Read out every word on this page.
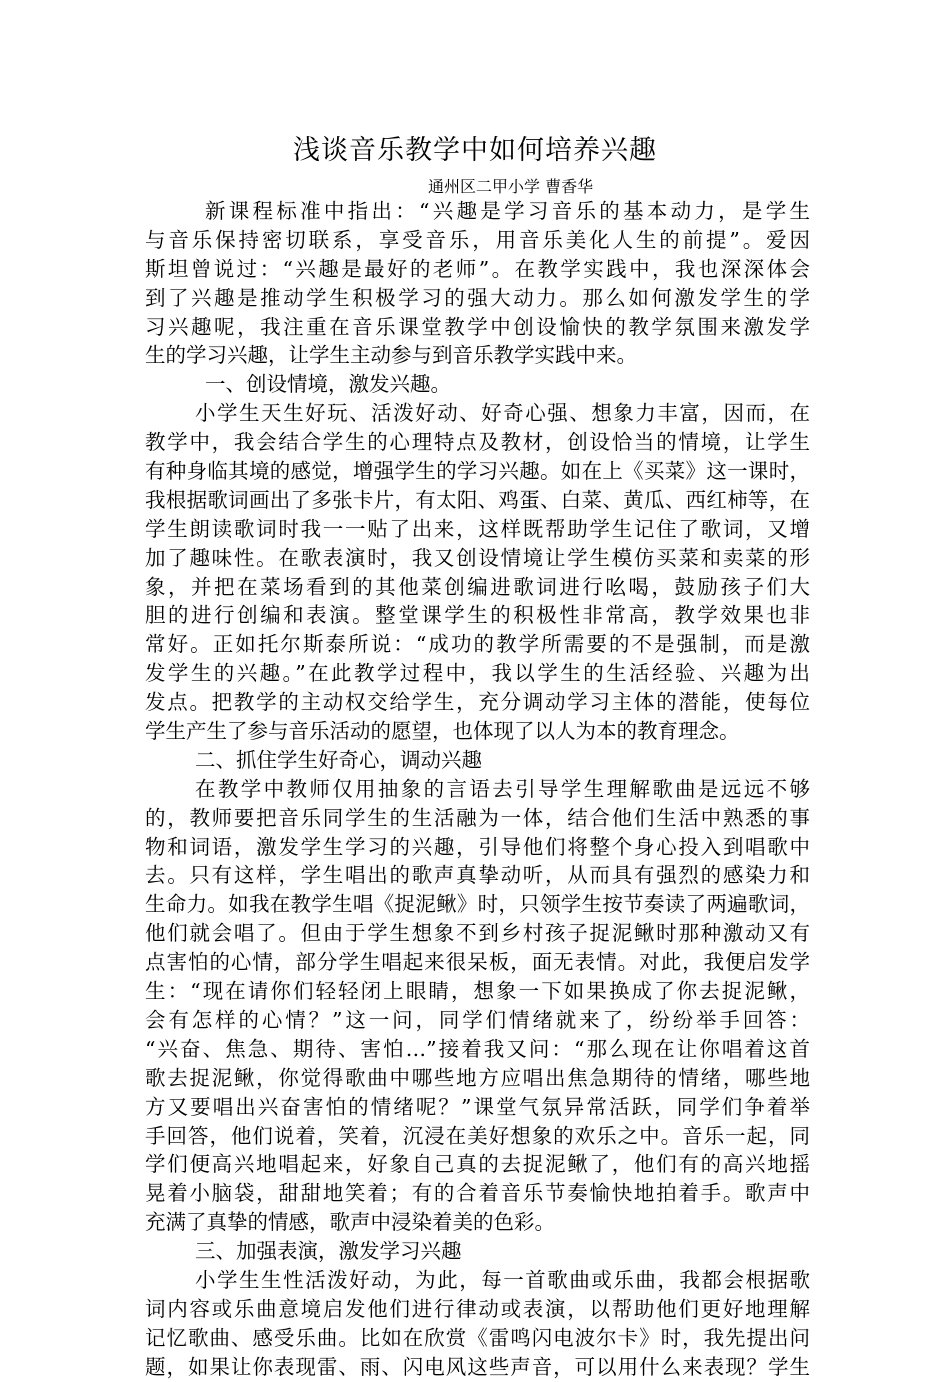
浅谈音乐教学中如何培养兴趣
通州区二甲小学 曹香华
新课程标准中指出：“兴趣是学习音乐的基本动力，是学生
与音乐保持密切联系，享受音乐，用音乐美化人生的前提”。爱因
斯坦曾说过：“兴趣是最好的老师”。在教学实践中，我也深深体会
到了兴趣是推动学生积极学习的强大动力。那么如何激发学生的学
习兴趣呢，我注重在音乐课堂教学中创设愉快的教学氛围来激发学
生的学习兴趣，让学生主动参与到音乐教学实践中来。
一、创设情境，激发兴趣。
小学生天生好玩、活泼好动、好奇心强、想象力丰富，因而，在
教学中，我会结合学生的心理特点及教材，创设恰当的情境，让学生
有种身临其境的感觉，增强学生的学习兴趣。如在上《买菜》这一课时，
我根据歌词画出了多张卡片，有太阳、鸡蛋、白菜、黄瓜、西红柿等，在
学生朗读歌词时我一一贴了出来，这样既帮助学生记住了歌词，又增
加了趣味性。在歌表演时，我又创设情境让学生模仿买菜和卖菜的形
象，并把在菜场看到的其他菜创编进歌词进行吆喝，鼓励孩子们大
胆的进行创编和表演。整堂课学生的积极性非常高，教学效果也非
常好。正如托尔斯泰所说：“成功的教学所需要的不是强制，而是激
发学生的兴趣。”在此教学过程中，我以学生的生活经验、兴趣为出
发点。把教学的主动权交给学生，充分调动学习主体的潜能，使每位
学生产生了参与音乐活动的愿望，也体现了以人为本的教育理念。
二、抓住学生好奇心，调动兴趣
在教学中教师仅用抽象的言语去引导学生理解歌曲是远远不够
的，教师要把音乐同学生的生活融为一体，结合他们生活中熟悉的事
物和词语，激发学生学习的兴趣，引导他们将整个身心投入到唱歌中
去。只有这样，学生唱出的歌声真挚动听，从而具有强烈的感染力和
生命力。如我在教学生唱《捉泥鳅》时，只领学生按节奏读了两遍歌词，
他们就会唱了。但由于学生想象不到乡村孩子捉泥鳅时那种激动又有
点害怕的心情，部分学生唱起来很呆板，面无表情。对此，我便启发学
生：“现在请你们轻轻闭上眼睛，想象一下如果换成了你去捉泥鳅，
会有怎样的心情？”这一问，同学们情绪就来了，纷纷举手回答：
“兴奋、焦急、期待、害怕…”接着我又问：“那么现在让你唱着这首
歌去捉泥鳅，你觉得歌曲中哪些地方应唱出焦急期待的情绪，哪些地
方又要唱出兴奋害怕的情绪呢？”课堂气氛异常活跃，同学们争着举
手回答，他们说着，笑着，沉浸在美好想象的欢乐之中。音乐一起，同
学们便高兴地唱起来，好象自己真的去捉泥鳅了，他们有的高兴地摇
晃着小脑袋，甜甜地笑着；有的合着音乐节奏愉快地拍着手。歌声中
充满了真挚的情感，歌声中浸染着美的色彩。
三、加强表演，激发学习兴趣
小学生生性活泼好动，为此，每一首歌曲或乐曲，我都会根据歌
词内容或乐曲意境启发他们进行律动或表演，以帮助他们更好地理解
记忆歌曲、感受乐曲。比如在欣赏《雷鸣闪电波尔卡》时，我先提出问
题，如果让你表现雷、雨、闪电风这些声音，可以用什么来表现？学生
